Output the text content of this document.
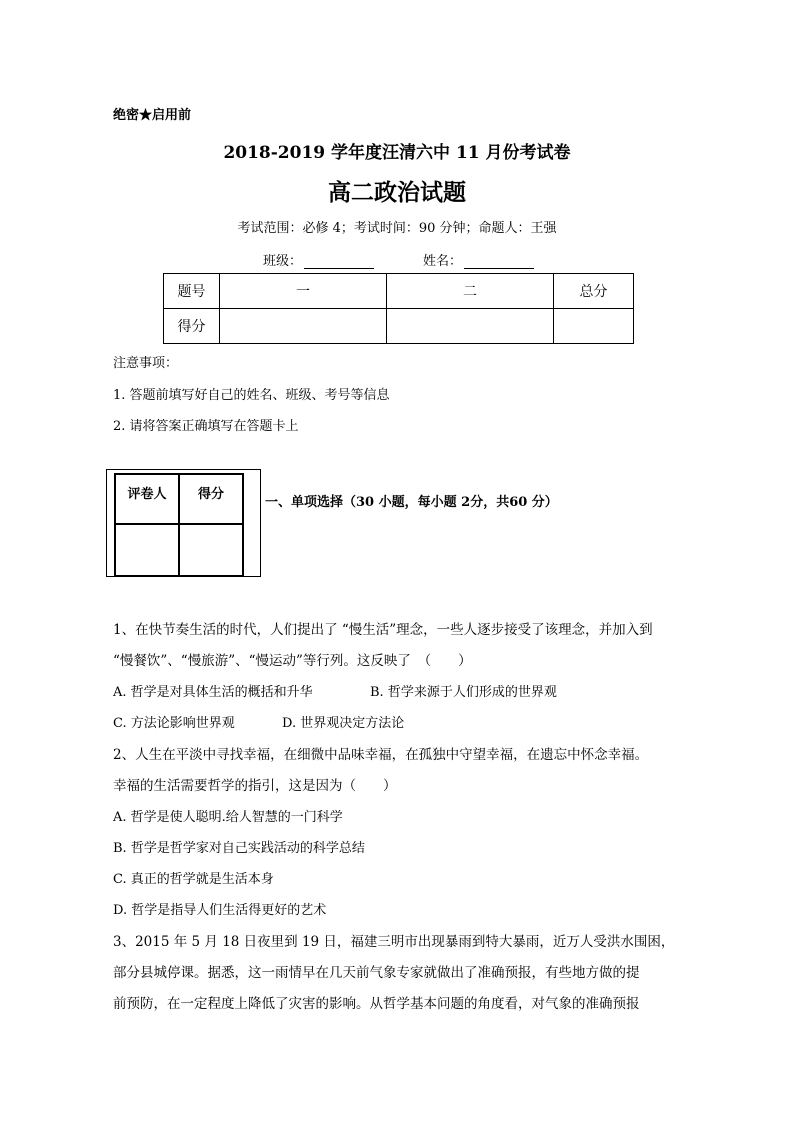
绝密★启用前
2018-2019 学年度汪清六中 11 月份考试卷
高二政治试题
考试范围：必修 4；考试时间：90 分钟；命题人：王强
班级：	姓名：
题号	一	二	总分
得分			
注意事项：
1. 答题前填写好自己的姓名、班级、考号等信息
2. 请将答案正确填写在答题卡上
评卷人	得分

一、单项选择（30 小题，每小题 2分，共60 分）
1、在快节奏生活的时代，人们提出了 “慢生活”理念，一些人逐步接受了该理念，并加入到
“慢餐饮”、“慢旅游”、“慢运动”等行列。这反映了　（　　）
A. 哲学是对具体生活的概括和升华	B. 哲学来源于人们形成的世界观
C. 方法论影响世界观	D. 世界观决定方法论
2、人生在平淡中寻找幸福，在细微中品味幸福，在孤独中守望幸福，在遗忘中怀念幸福。
幸福的生活需要哲学的指引，这是因为（　　）
A. 哲学是使人聪明.给人智慧的一门科学
B. 哲学是哲学家对自己实践活动的科学总结
C. 真正的哲学就是生活本身
D. 哲学是指导人们生活得更好的艺术
3、2015 年 5 月 18 日夜里到 19 日，福建三明市出现暴雨到特大暴雨，近万人受洪水围困，
部分县城停课。据悉，这一雨情早在几天前气象专家就做出了准确预报，有些地方做的提
前预防，在一定程度上降低了灾害的影响。从哲学基本问题的角度看，对气象的准确预报
